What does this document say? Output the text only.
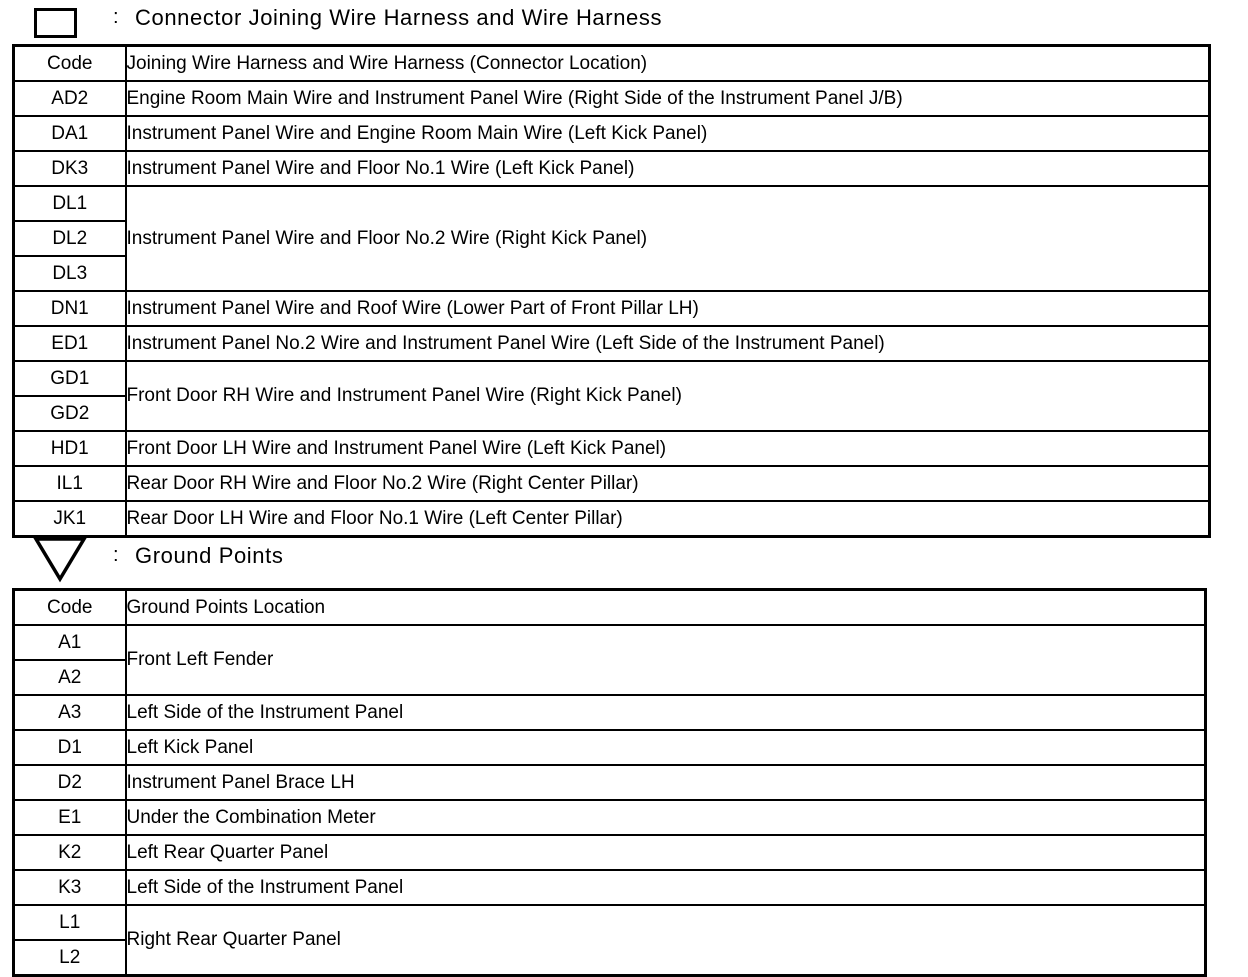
: Connector Joining Wire Harness and Wire Harness
Code	Joining Wire Harness and Wire Harness (Connector Location)
AD2	Engine Room Main Wire and Instrument Panel Wire (Right Side of the Instrument Panel J/B)
DA1	Instrument Panel Wire and Engine Room Main Wire (Left Kick Panel)
DK3	Instrument Panel Wire and Floor No.1 Wire (Left Kick Panel)
DL1	Instrument Panel Wire and Floor No.2 Wire (Right Kick Panel)
DL2	
DL3	
DN1	Instrument Panel Wire and Roof Wire (Lower Part of Front Pillar LH)
ED1	Instrument Panel No.2 Wire and Instrument Panel Wire (Left Side of the Instrument Panel)
GD1	Front Door RH Wire and Instrument Panel Wire (Right Kick Panel)
GD2	
HD1	Front Door LH Wire and Instrument Panel Wire (Left Kick Panel)
IL1	Rear Door RH Wire and Floor No.2 Wire (Right Center Pillar)
JK1	Rear Door LH Wire and Floor No.1 Wire (Left Center Pillar)
: Ground Points
Code	Ground Points Location
A1	Front Left Fender
A2	
A3	Left Side of the Instrument Panel
D1	Left Kick Panel
D2	Instrument Panel Brace LH
E1	Under the Combination Meter
K2	Left Rear Quarter Panel
K3	Left Side of the Instrument Panel
L1	Right Rear Quarter Panel
L2	
